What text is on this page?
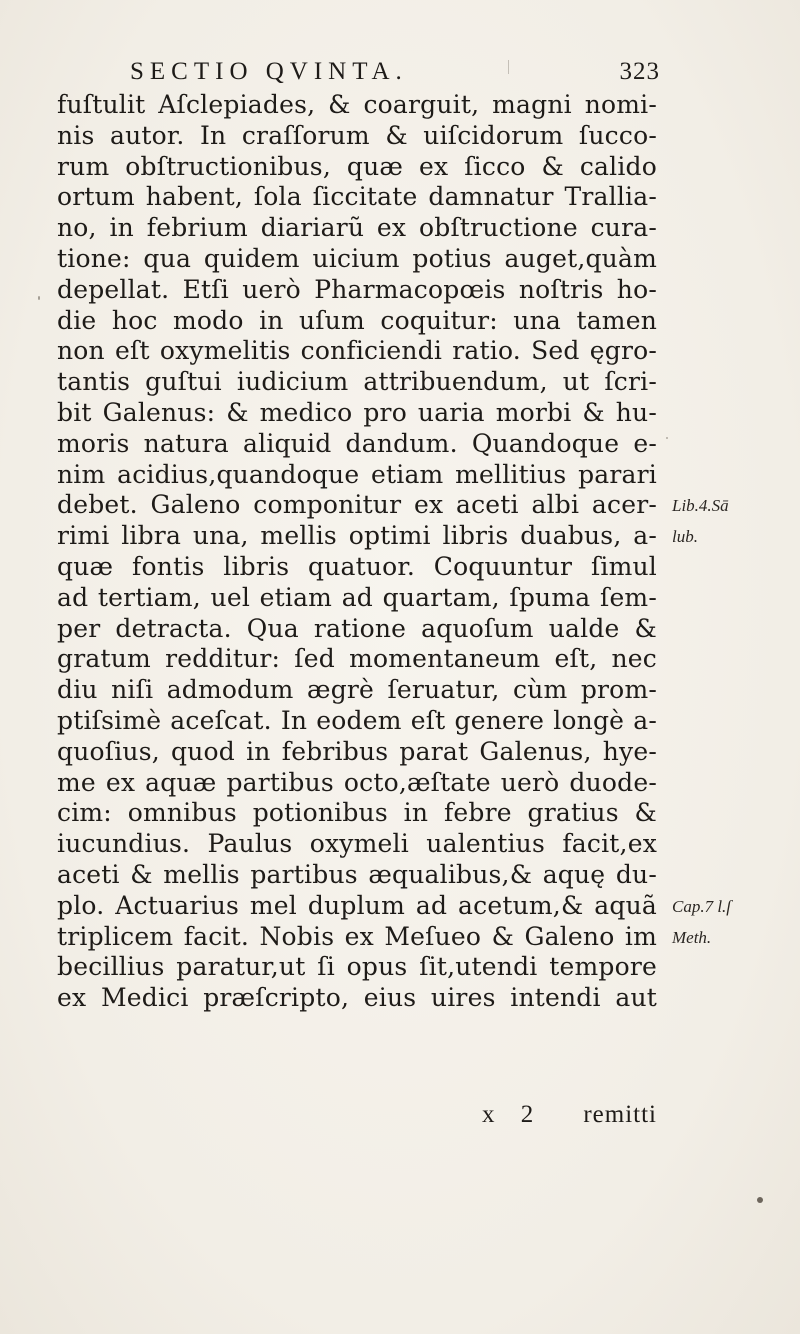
SECTIO QVINTA.	323
fuſtulit Aſclepiades, & coarguit, magni nomi-
nis autor. In craſſorum & uiſcidorum ſucco-
rum obſtructionibus, quæ ex ſicco & calido
ortum habent, ſola ſiccitate damnatur Trallia-
no, in febrium diariarũ ex obſtructione cura-
tione: qua quidem uicium potius auget,quàm
depellat. Etſi uerò Pharmacopœis noſtris ho-
die hoc modo in uſum coquitur: una tamen
non eſt oxymelitis conficiendi ratio. Sed ęgro-
tantis guſtui iudicium attribuendum, ut ſcri-
bit Galenus: & medico pro uaria morbi & hu-
moris natura aliquid dandum. Quandoque e-
nim acidius,quandoque etiam mellitius parari
debet. Galeno componitur ex aceti albi acer-
rimi libra una, mellis optimi libris duabus, a-
quæ fontis libris quatuor. Coquuntur ſimul
ad tertiam, uel etiam ad quartam, ſpuma ſem-
per detracta. Qua ratione aquoſum ualde &
gratum redditur: ſed momentaneum eſt, nec
diu niſi admodum ægrè ſeruatur, cùm prom-
ptiſsimè aceſcat. In eodem eſt genere longè a-
quoſius, quod in febribus parat Galenus, hye-
me ex aquæ partibus octo,æſtate uerò duode-
cim: omnibus potionibus in febre gratius &
iucundius. Paulus oxymeli ualentius facit,ex
aceti & mellis partibus æqualibus,& aquę du-
plo. Actuarius mel duplum ad acetum,& aquã
triplicem facit. Nobis ex Meſueo & Galeno im
becillius paratur,ut ſi opus ſit,utendi tempore
ex Medici præſcripto, eius uires intendi aut
Lib.4.Sā
lub.
Cap.7 l.ſ
Meth.
x 2 remitti
